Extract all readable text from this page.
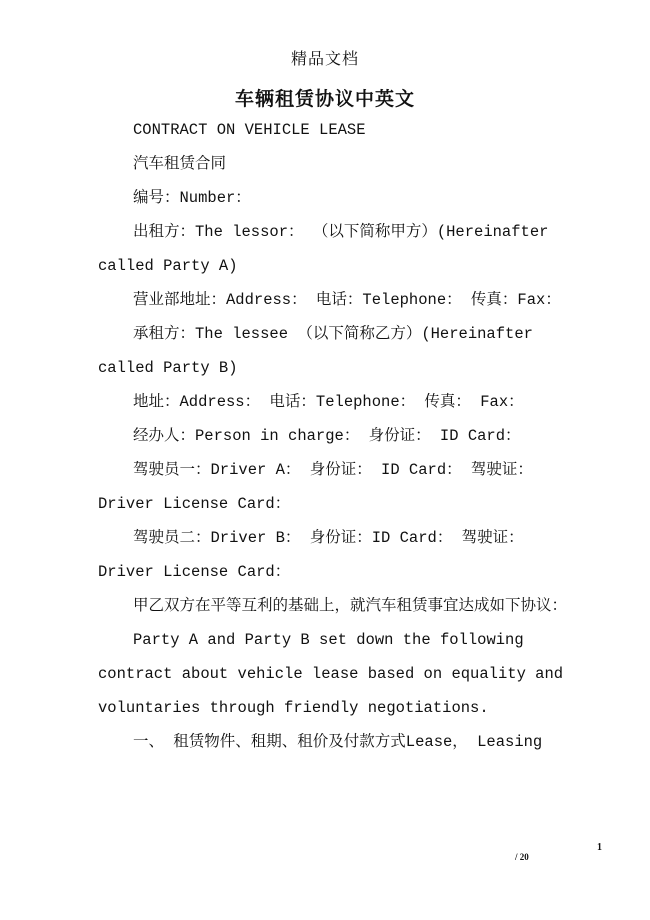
精品文档
车辆租赁协议中英文

CONTRACT ON VEHICLE LEASE

汽车租赁合同

编号：Number：

出租方：The lessor： （以下简称甲方）(Hereinafter called Party A)

营业部地址：Address： 电话：Telephone： 传真：Fax：

承租方：The lessee （以下简称乙方）(Hereinafter called Party B)

地址：Address： 电话：Telephone： 传真： Fax：

经办人：Person in charge： 身份证： ID Card：

驾驶员一：Driver A： 身份证： ID Card： 驾驶证：Driver License Card：

驾驶员二：Driver B： 身份证：ID Card： 驾驶证：Driver License Card：

甲乙双方在平等互利的基础上，就汽车租赁事宜达成如下协议：

Party A and Party B set down the following contract about vehicle lease based on equality and voluntaries through friendly negotiations.

一、 租赁物件、租期、租价及付款方式Lease， Leasing

1
/ 20
